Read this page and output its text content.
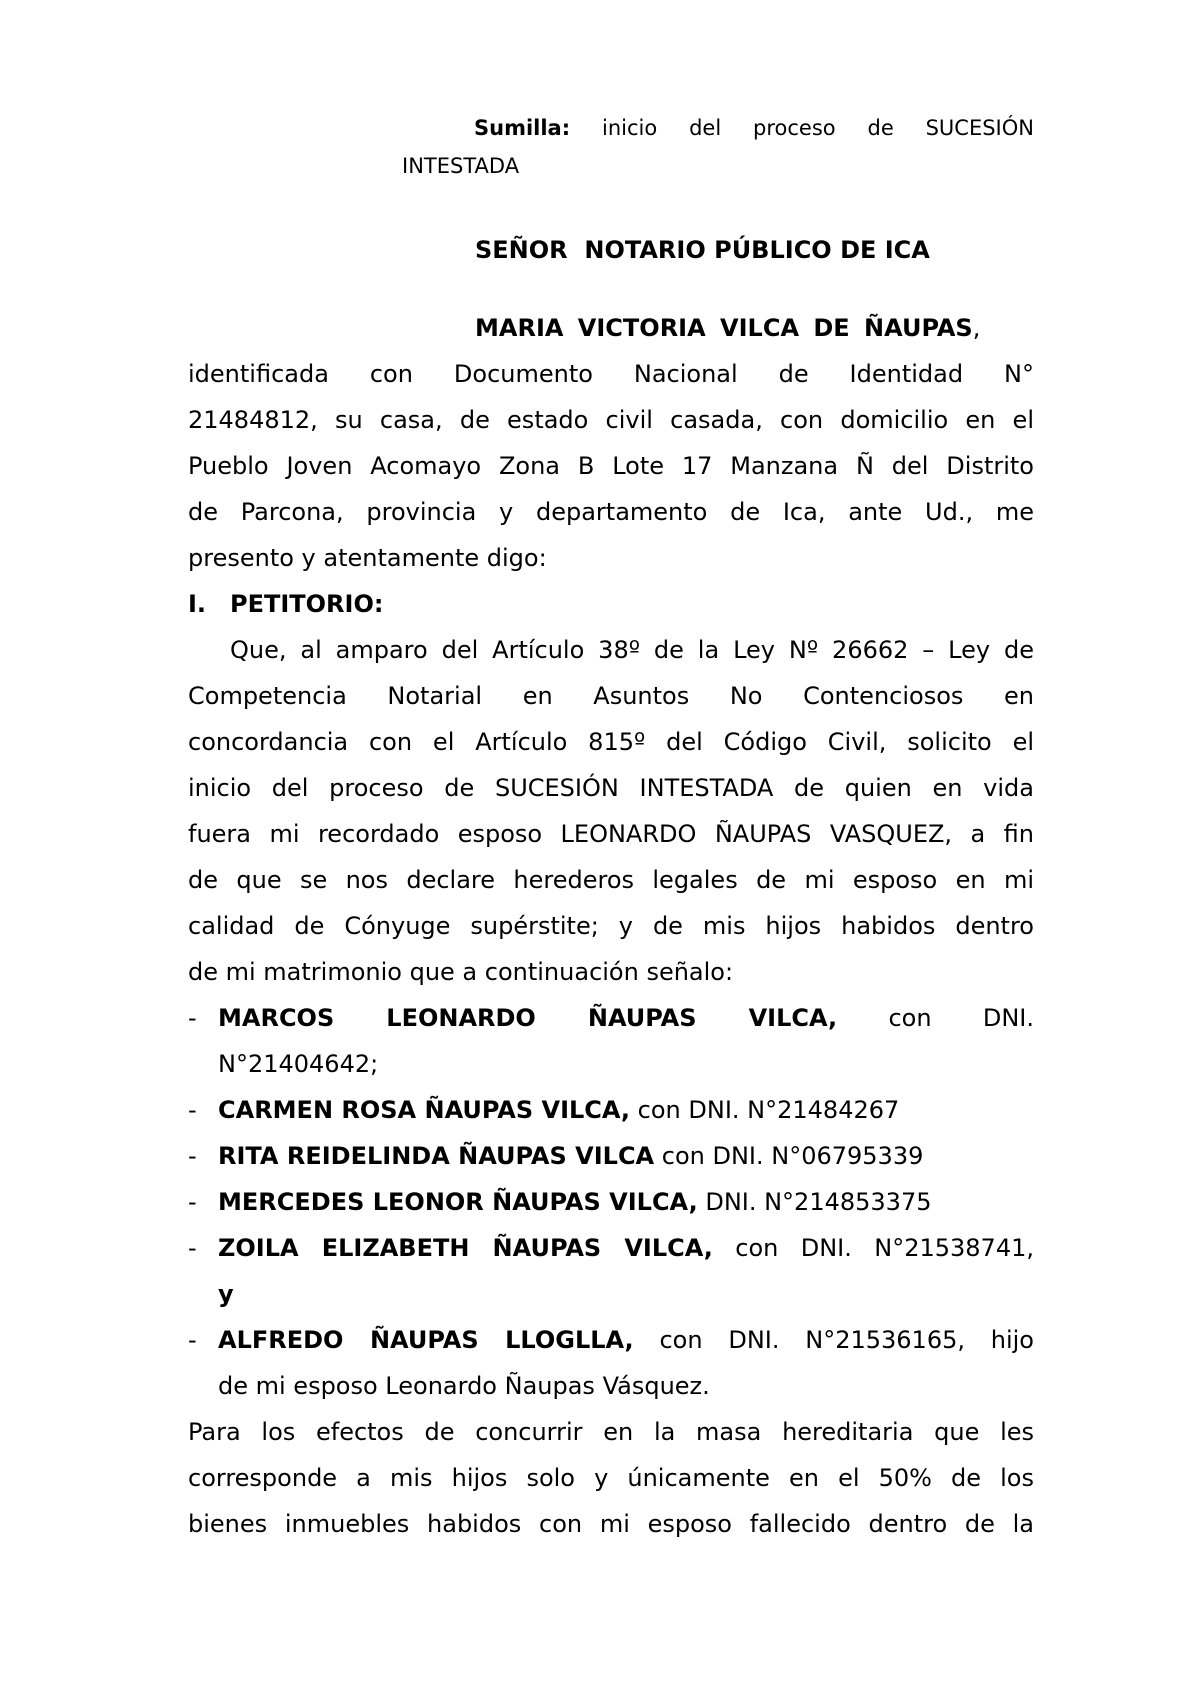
Sumilla: inicio del proceso de SUCESIÓN
INTESTADA
SEÑOR  NOTARIO PÚBLICO DE ICA
MARIA VICTORIA VILCA DE ÑAUPAS,
identificada con Documento Nacional de Identidad N°
21484812, su casa, de estado civil casada, con domicilio en el
Pueblo Joven Acomayo Zona B Lote 17 Manzana Ñ del Distrito
de Parcona, provincia y departamento de Ica, ante Ud., me
presento y atentamente digo:
I. PETITORIO:
Que, al amparo del Artículo 38º de la Ley Nº 26662 – Ley de
Competencia Notarial en Asuntos No Contenciosos en
concordancia con el Artículo 815º del Código Civil, solicito el
inicio del proceso de SUCESIÓN INTESTADA de quien en vida
fuera mi recordado esposo LEONARDO ÑAUPAS VASQUEZ, a fin
de que se nos declare herederos legales de mi esposo en mi
calidad de Cónyuge supérstite; y de mis hijos habidos dentro
de mi matrimonio que a continuación señalo:
- MARCOS LEONARDO ÑAUPAS VILCA, con DNI.
N°21404642;
- CARMEN ROSA ÑAUPAS VILCA, con DNI. N°21484267
- RITA REIDELINDA ÑAUPAS VILCA con DNI. N°06795339
- MERCEDES LEONOR ÑAUPAS VILCA, DNI. N°214853375
- ZOILA ELIZABETH ÑAUPAS VILCA, con DNI. N°21538741,
y
- ALFREDO ÑAUPAS LLOGLLA, con DNI. N°21536165, hijo
de mi esposo Leonardo Ñaupas Vásquez.
Para los efectos de concurrir en la masa hereditaria que les
corresponde a mis hijos solo y únicamente en el 50% de los
bienes inmuebles habidos con mi esposo fallecido dentro de la
